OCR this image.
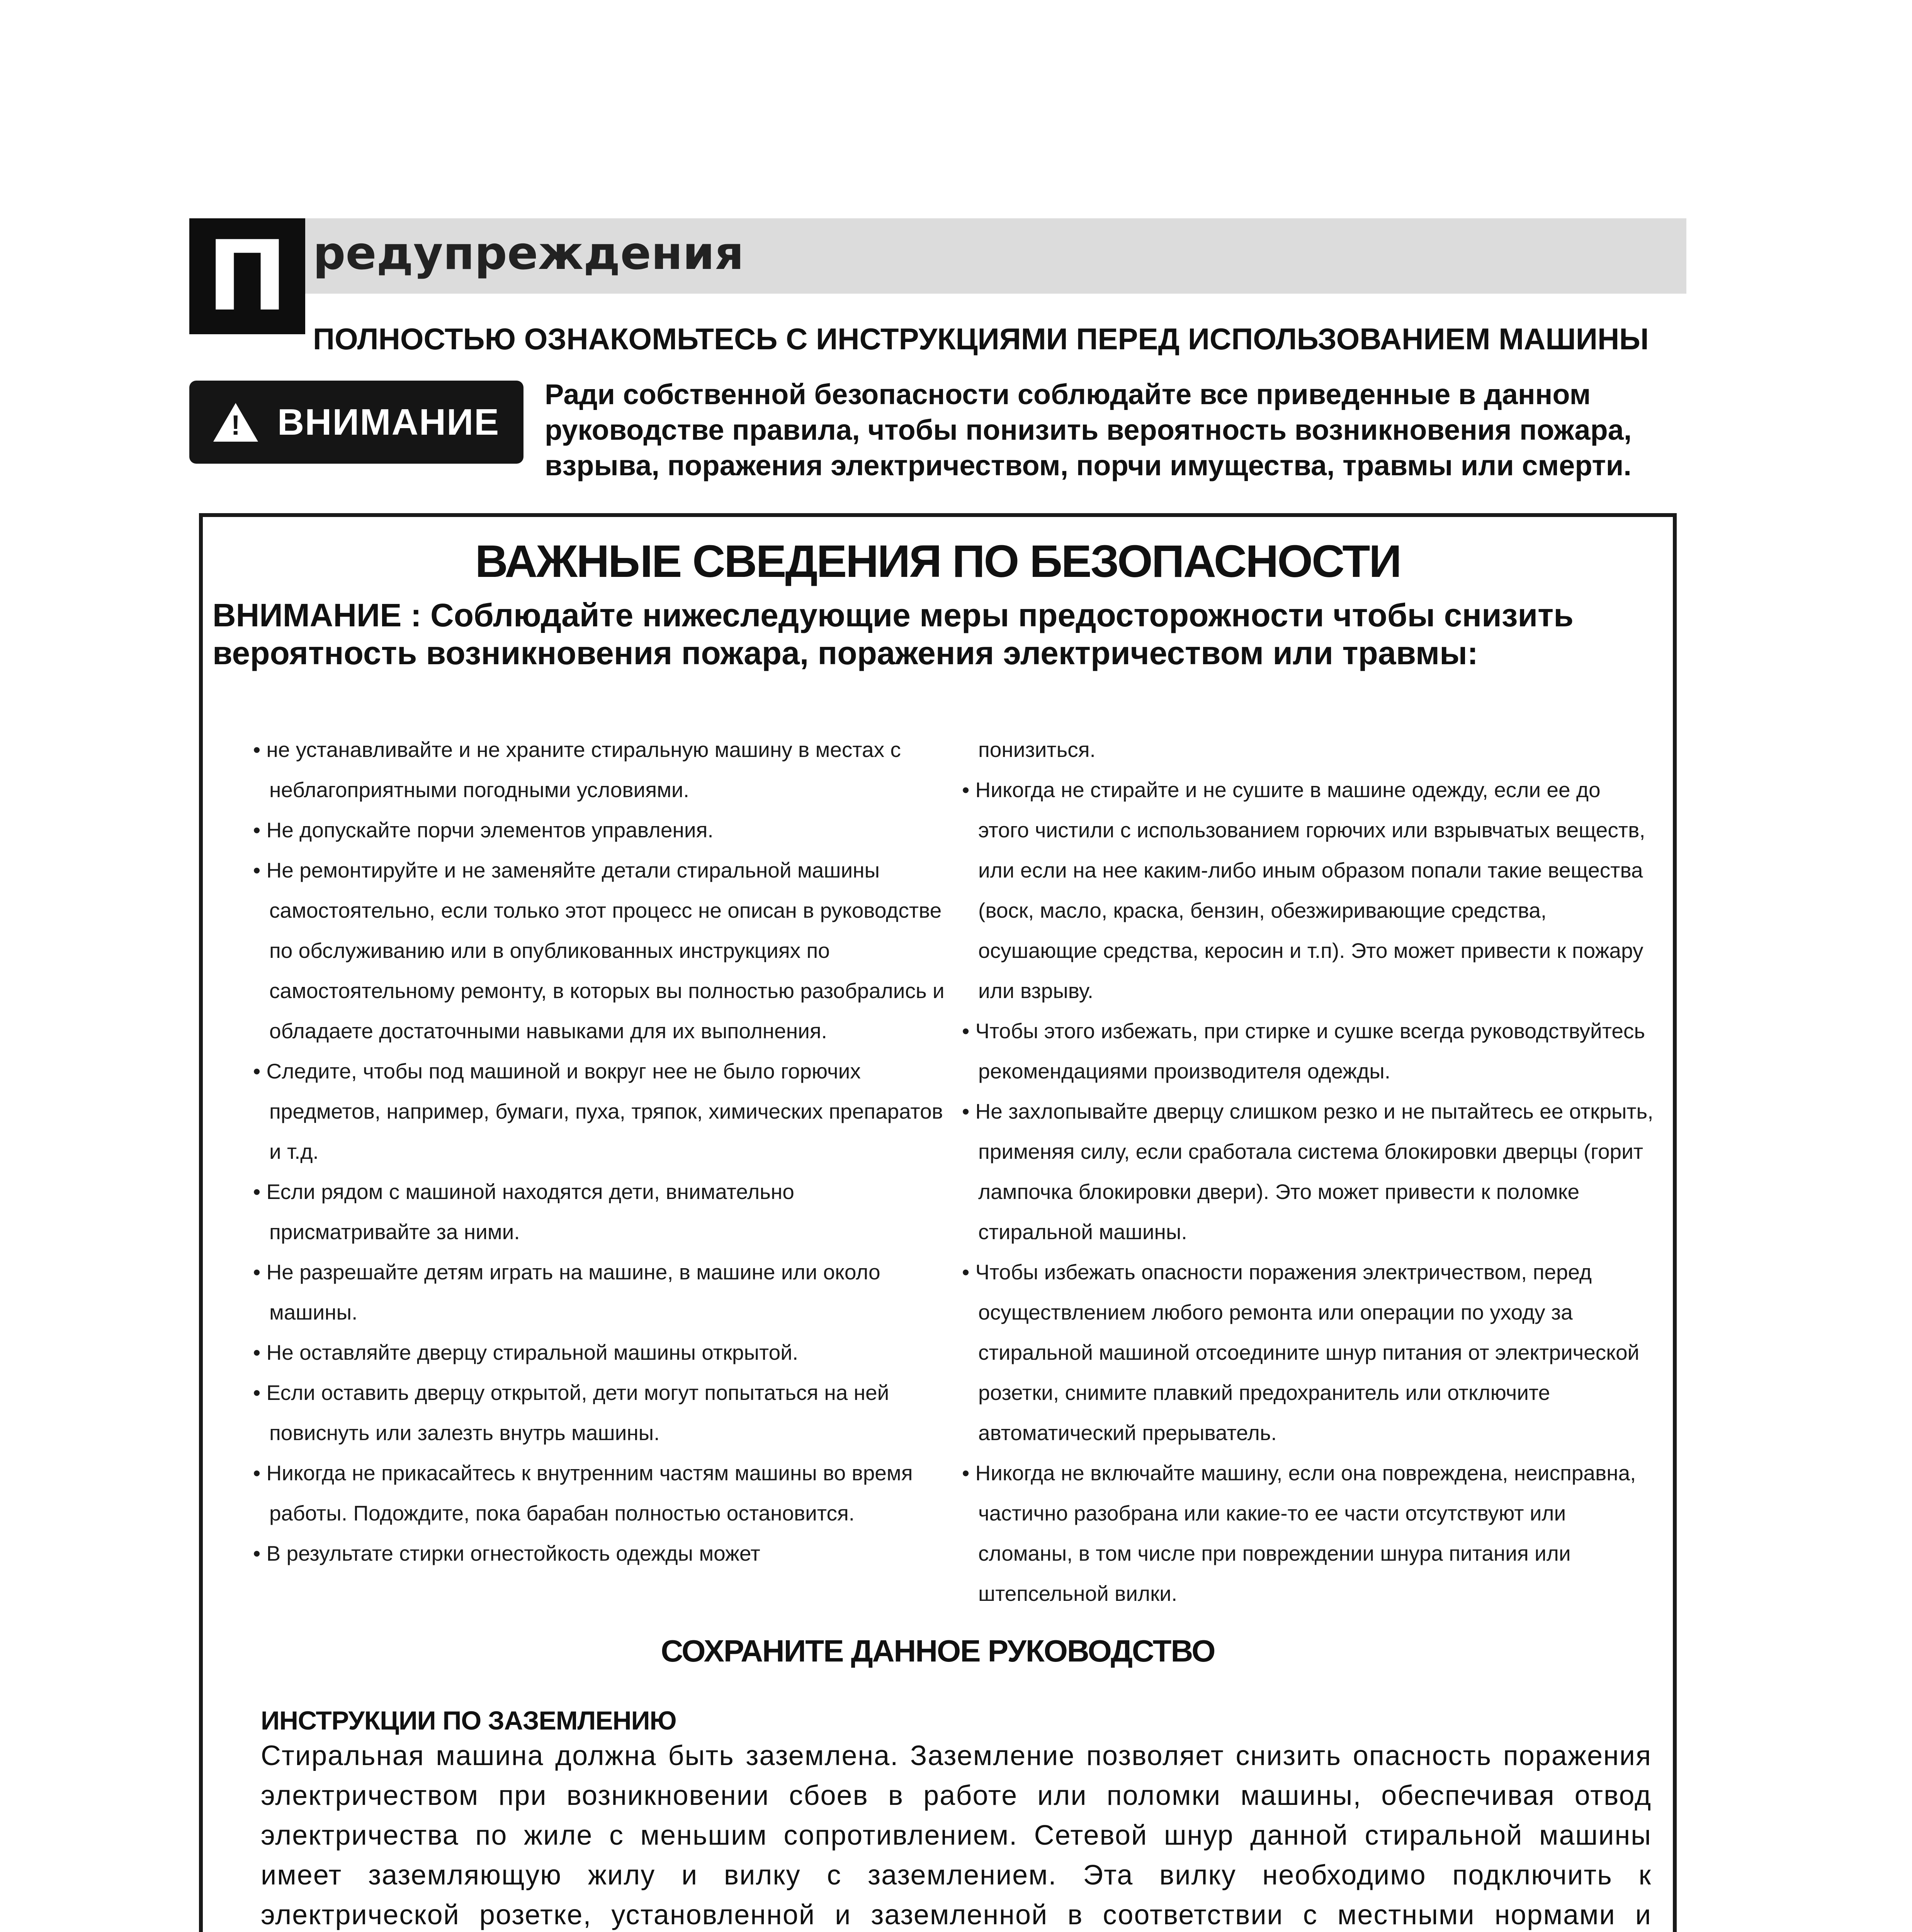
П редупреждения
ПОЛНОСТЬЮ ОЗНАКОМЬТЕСЬ С ИНСТРУКЦИЯМИ ПЕРЕД ИСПОЛЬЗОВАНИЕМ МАШИНЫ
!
ВНИМАНИЕ
Ради собственной безопасности соблюдайте все приведенные в данном руководстве правила, чтобы понизить вероятность возникновения пожара, взрыва, поражения электричеством, порчи имущества, травмы или смерти.
ВАЖНЫЕ СВЕДЕНИЯ ПО БЕЗОПАСНОСТИ
ВНИМАНИЕ : Соблюдайте нижеследующие меры предосторожности чтобы снизить вероятность возникновения пожара, поражения электричеством или травмы:

• не устанавливайте и не храните стиральную машину в местах с неблагоприятными погодными условиями.

• Не допускайте порчи элементов управления.

• Не ремонтируйте и не заменяйте детали стиральной машины самостоятельно, если только этот процесс не описан в руководстве по обслуживанию или в опубликованных инструкциях по самостоятельному ремонту, в которых вы полностью разобрались и обладаете достаточными навыками для их выполнения.

• Следите, чтобы под машиной и вокруг нее не было горючих предметов, например, бумаги, пуха, тряпок, химических препаратов и т.д.

• Если рядом с машиной находятся дети, внимательно присматривайте за ними.

• Не разрешайте детям играть на машине, в машине или около машины.

• Не оставляйте дверцу стиральной машины открытой.

• Если оставить дверцу открытой, дети могут попытаться на ней повиснуть или залезть внутрь машины.

• Никогда не прикасайтесь к внутренним частям машины во время работы. Подождите, пока барабан полностью остановится.

• В результате стирки огнестойкость одежды может

понизиться.

• Никогда не стирайте и не сушите в машине одежду, если ее до этого чистили с использованием горючих или взрывчатых веществ, или если на нее каким-либо иным образом попали такие вещества (воск, масло, краска, бензин, обезжиривающие средства, осушающие средства, керосин и т.п). Это может привести к пожару или взрыву.

• Чтобы этого избежать, при стирке и сушке всегда руководствуйтесь рекомендациями производителя одежды.

• Не захлопывайте дверцу слишком резко и не пытайтесь ее открыть, применяя силу, если сработала система блокировки дверцы (горит лампочка блокировки двери). Это может привести к поломке стиральной машины.

• Чтобы избежать опасности поражения электричеством, перед осуществлением любого ремонта или операции по уходу за стиральной машиной отсоедините шнур питания от электрической розетки, снимите плавкий предохранитель или отключите автоматический прерыватель.

• Никогда не включайте машину, если она повреждена, неисправна, частично разобрана или какие-то ее части отсутствуют или сломаны, в том числе при повреждении шнура питания или штепсельной вилки.

СОХРАНИТЕ ДАННОЕ РУКОВОДСТВО
ИНСТРУКЦИИ ПО ЗАЗЕМЛЕНИЮ

Стиральная машина должна быть заземлена. Заземление позволяет снизить опасность поражения электричеством при возникновении сбоев в работе или поломки машины, обеспечивая отвод электричества по жиле с меньшим сопротивлением. Сетевой шнур данной стиральной машины имеет заземляющую жилу и вилку с заземлением. Эта вилку необходимо подключить к электрической розетке, установленной и заземленной в соответствии с местными нормами и
